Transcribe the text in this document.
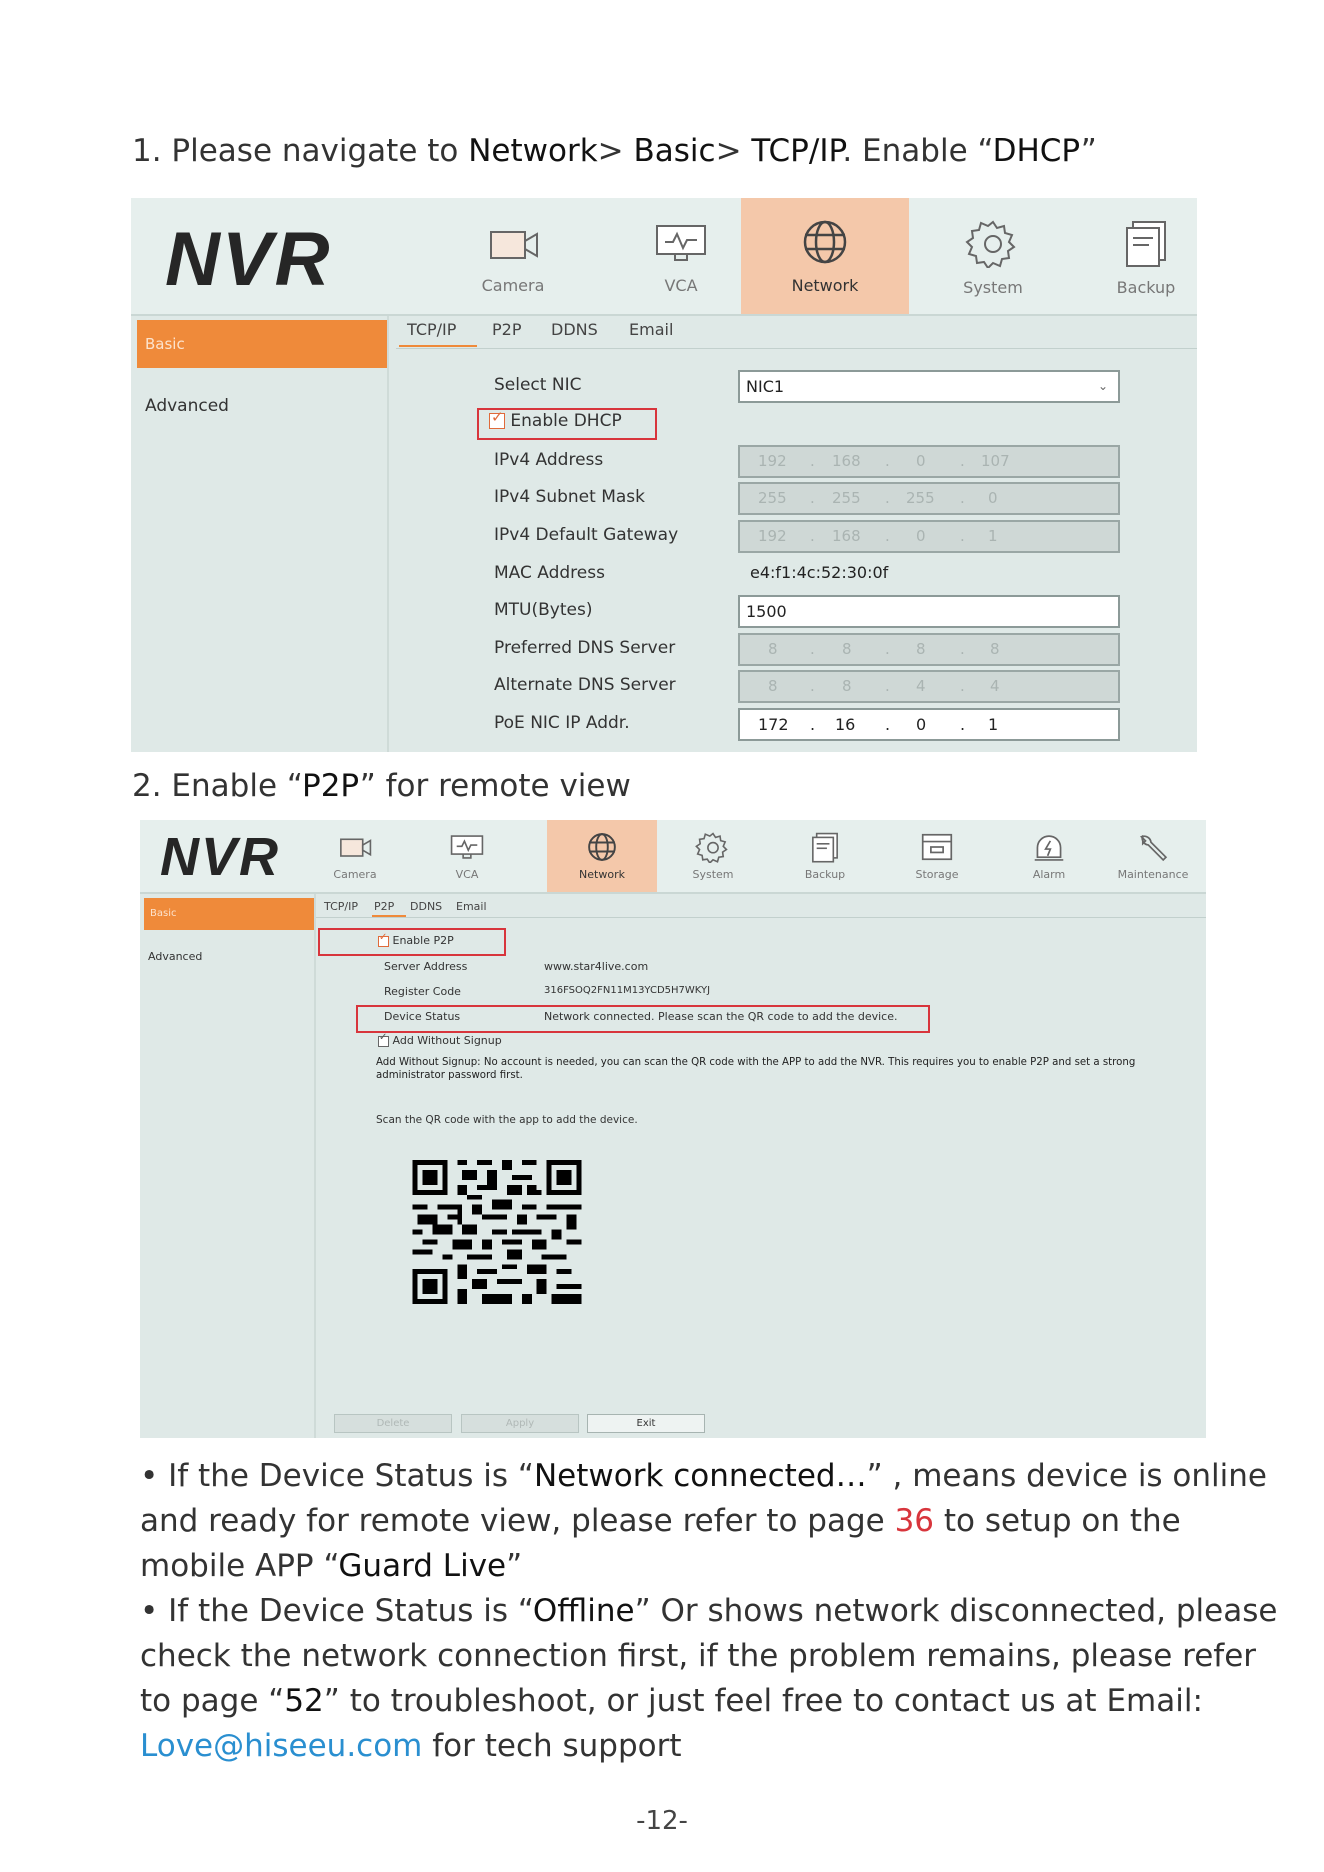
1. Please navigate to Network> Basic> TCP/IP. Enable “DHCP”
NVR	Camera	VCA	Network	System	Backup
Basic
Advanced
TCP/IP P2P DDNS Email
Select NIC	NIC1	⌄
✓ Enable DHCP
IPv4 Address	192 . 168 . 0 . 107
IPv4 Subnet Mask	255 . 255 . 255 . 0
IPv4 Default Gateway	192 . 168 . 0 . 1
MAC Address	e4:f1:4c:52:30:0f
MTU(Bytes)	1500
Preferred DNS Server	8 . 8 . 8 . 8
Alternate DNS Server	8 . 8 . 4 . 4
PoE NIC IP Addr.	172 . 16 . 0 . 1
2. Enable “P2P” for remote view
NVR	Camera	VCA	Network	System	Backup	Storage	Alarm	Maintenance
Basic
Advanced
TCP/IP P2P DDNS Email
✓ Enable P2P
Server Address	www.star4live.com
Register Code	316FSOQ2FN11M13YCD5H7WKYJ
Device Status	Network connected. Please scan the QR code to add the device.
✓ Add Without Signup
Add Without Signup: No account is needed, you can scan the QR code with the APP to add the NVR. This requires you to enable P2P and set a strong administrator password first.
Scan the QR code with the app to add the device.
Delete	Apply	Exit
• If the Device Status is “Network connected…” , means device is online and ready for remote view, please refer to page 36 to setup on the mobile APP “Guard Live”
• If the Device Status is “Offline” Or shows network disconnected, please check the network connection first, if the problem remains, please refer to page “52” to troubleshoot, or just feel free to contact us at Email: Love@hiseeu.com for tech support
-12-
